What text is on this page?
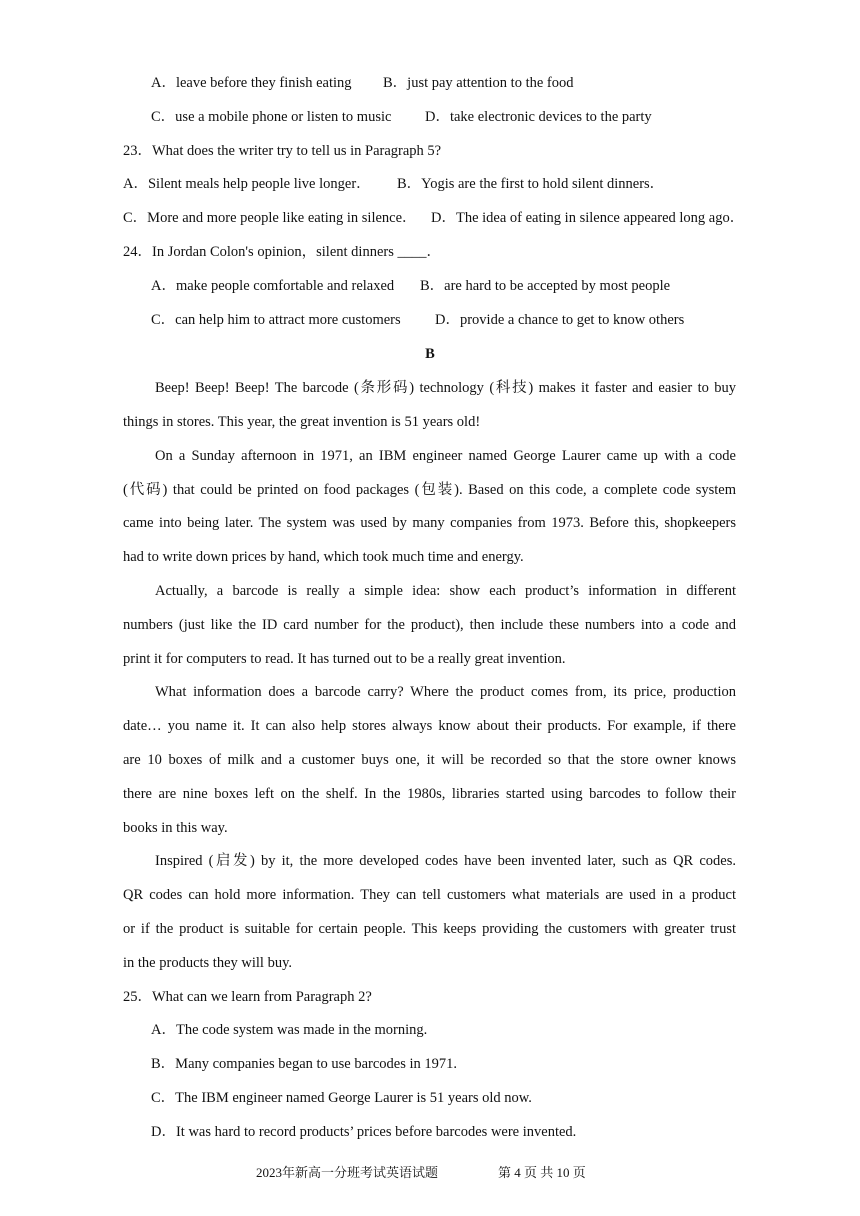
A．leave before they finish eating B．just pay attention to the food
C．use a mobile phone or listen to music D．take electronic devices to the party
23．What does the writer try to tell us in Paragraph 5?
A．Silent meals help people live longer． B．Yogis are the first to hold silent dinners．
C．More and more people like eating in silence． D．The idea of eating in silence appeared long ago．
24．In Jordan Colon's opinion，silent dinners ____．
A．make people comfortable and relaxed B．are hard to be accepted by most people
C．can help him to attract more customers D．provide a chance to get to know others
B
Beep! Beep! Beep! The barcode (条形码) technology (科技) makes it faster and easier to buy
things in stores. This year, the great invention is 51 years old!
On a Sunday afternoon in 1971, an IBM engineer named George Laurer came up with a code
(代码) that could be printed on food packages (包装). Based on this code, a complete code system
came into being later. The system was used by many companies from 1973. Before this, shopkeepers
had to write down prices by hand, which took much time and energy.
Actually, a barcode is really a simple idea: show each product’s information in different
numbers (just like the ID card number for the product), then include these numbers into a code and
print it for computers to read. It has turned out to be a really great invention.
What information does a barcode carry? Where the product comes from, its price, production
date… you name it. It can also help stores always know about their products. For example, if there
are 10 boxes of milk and a customer buys one, it will be recorded so that the store owner knows
there are nine boxes left on the shelf. In the 1980s, libraries started using barcodes to follow their
books in this way.
Inspired (启发) by it, the more developed codes have been invented later, such as QR codes.
QR codes can hold more information. They can tell customers what materials are used in a product
or if the product is suitable for certain people. This keeps providing the customers with greater trust
in the products they will buy.
25．What can we learn from Paragraph 2?
A．The code system was made in the morning.
B．Many companies began to use barcodes in 1971.
C．The IBM engineer named George Laurer is 51 years old now.
D．It was hard to record products’ prices before barcodes were invented.
2023年新高一分班考试英语试题	第 4 页 共 10 页
